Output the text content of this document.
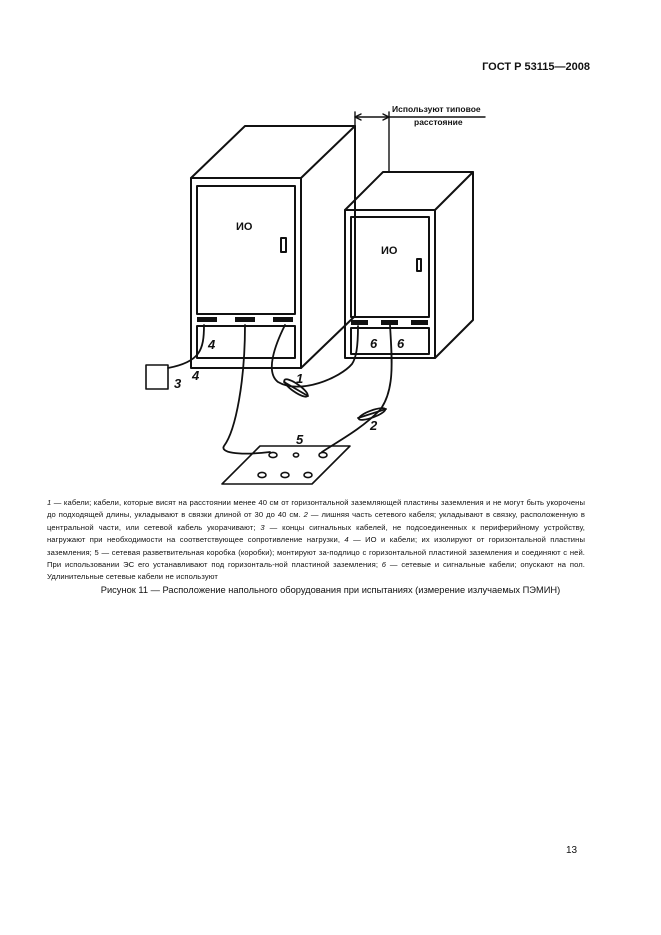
ГОСТ Р 53115—2008
Используют типовое
расстояние
ИО
ИО
4	6 6
4
3	1
2
5
1 — кабели; кабели, которые висят на расстоянии менее 40 см от горизонтальной заземляющей пластины заземления и не могут быть укорочены до подходящей длины, укладывают в связки длиной от 30 до 40 см. 2 — лишняя часть сетевого кабеля; укладывают в связку, расположенную в центральной части, или сетевой кабель укорачивают; 3 — концы сигнальных кабелей, не подсоединенных к периферийному устройству, нагружают при необходимости на соответствующее сопротивление нагрузки, 4 — ИО и кабели; их изолируют от горизонтальной пластины заземления; 5 — сетевая разветвительная коробка (коробки); монтируют за-подлицо с горизонтальной пластиной заземления и соединяют с ней. При использовании ЭС его устанавливают под горизонталь-ной пластиной заземления; 6 — сетевые и сигнальные кабели; опускают на пол. Удлинительные сетевые кабели не используют
Рисунок 11 — Расположение напольного оборудования при испытаниях (измерение излучаемых ПЭМИН)
13
